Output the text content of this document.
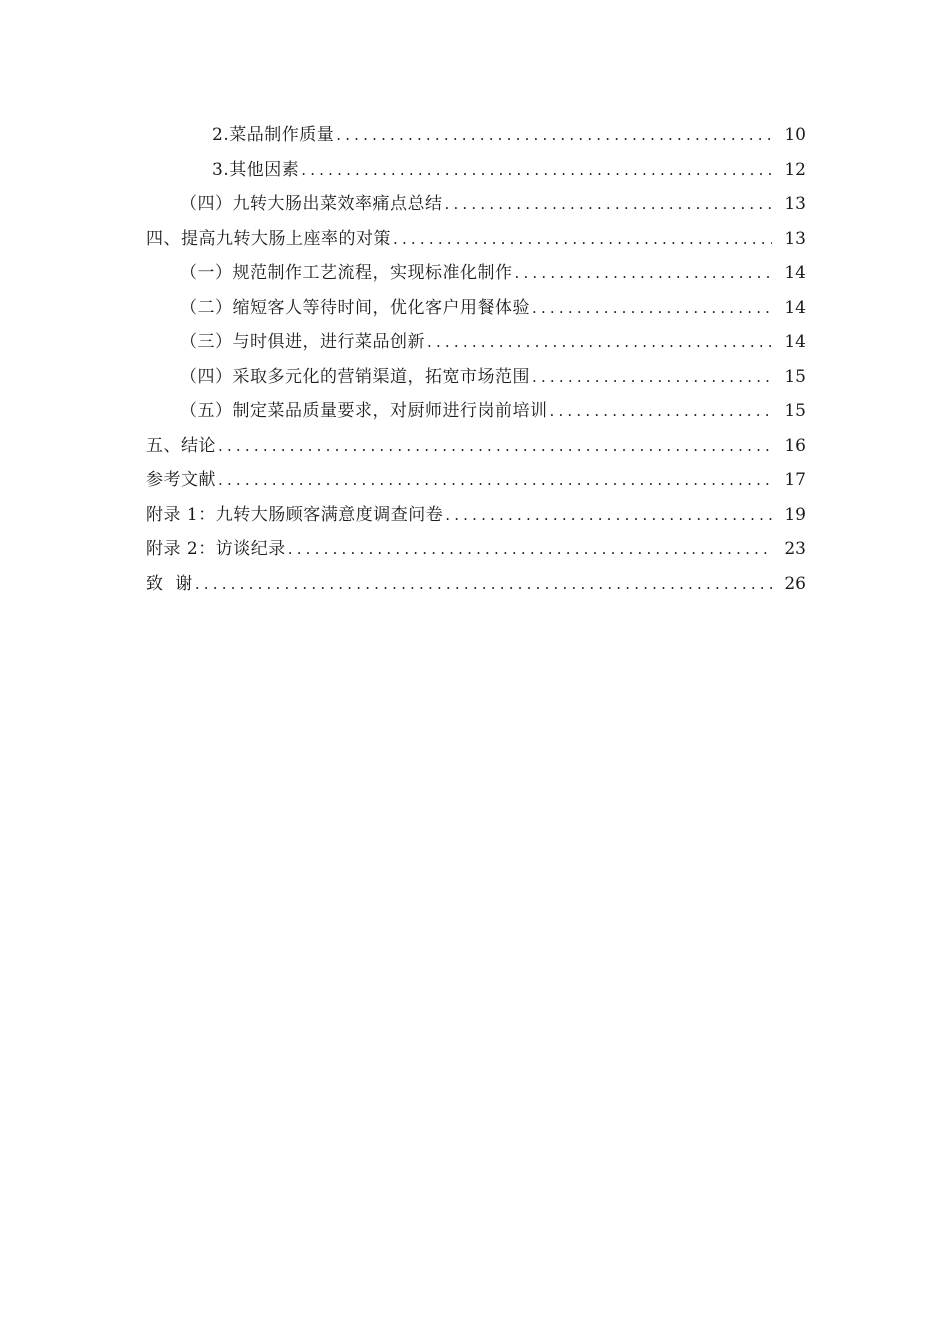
2.菜品制作质量 .....	10
3.其他因素 .....	12
（四）九转大肠出菜效率痛点总结 .....	13
四、提高九转大肠上座率的对策 .....	13
（一）规范制作工艺流程，实现标准化制作 .....	14
（二）缩短客人等待时间，优化客户用餐体验 .....	14
（三）与时俱进，进行菜品创新 .....	14
（四）采取多元化的营销渠道，拓宽市场范围 .....	15
（五）制定菜品质量要求，对厨师进行岗前培训 .....	15
五、结论 .....	16
参考文献 .....	17
附录 1：九转大肠顾客满意度调查问卷 .....	19
附录 2：访谈纪录 .....	23
致  谢 .....	26
